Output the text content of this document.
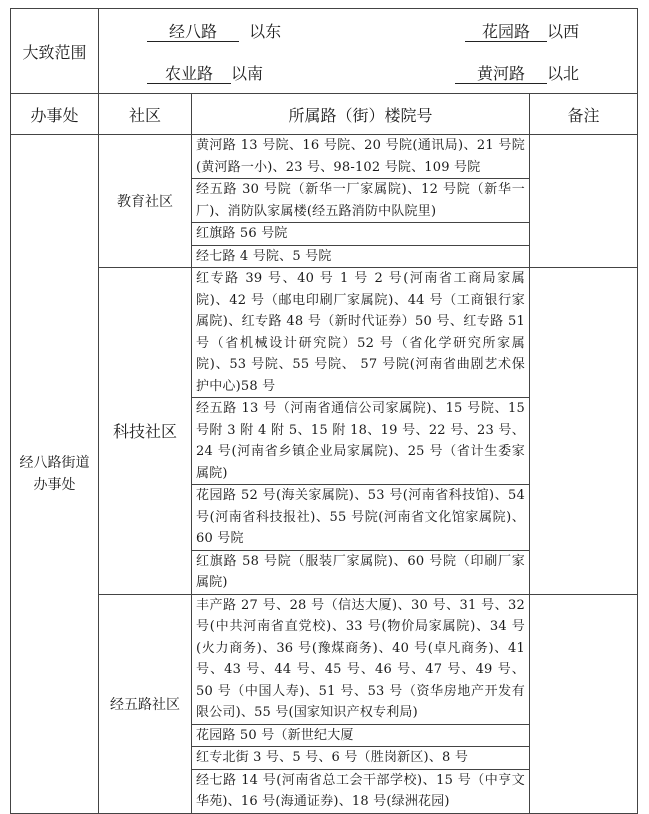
大致范围	经八路 以东 花园路 以西
农业路 以南 黄河路 以北		

办事处	社区	所属路（街）楼院号	备注
经八路街道办事处	教育社区	黄河路 13 号院、16 号院、20 号院(通讯局)、21 号院(黄河路一小)、23 号、98-102 号院、109 号院	
		经五路 30 号院（新华一厂家属院)、12 号院（新华一厂)、消防队家属楼(经五路消防中队院里)	
		红旗路 56 号院	
		经七路 4 号院、5 号院	
	科技社区	红专路 39 号、40 号 1 号 2 号(河南省工商局家属院)、42 号（邮电印刷厂家属院)、44 号（工商银行家属院)、红专路 48 号（新时代证券）50 号、红专路 51 号（省机械设计研究院）52 号（省化学研究所家属院)、53 号院、55 号院、 57 号院(河南省曲剧艺术保护中心)58 号	
		经五路 13 号（河南省通信公司家属院)、15 号院、15 号附 3 附 4 附 5、15 附 18、19 号、22 号、23 号、24 号(河南省乡镇企业局家属院)、25 号（省计生委家属院)	
		花园路 52 号(海关家属院)、53 号(河南省科技馆)、54 号(河南省科技报社)、55 号院(河南省文化馆家属院)、60 号院	
		红旗路 58 号院（服装厂家属院)、60 号院（印刷厂家属院)	
	经五路社区	丰产路 27 号、28 号（信达大厦)、30 号、31 号、32 号(中共河南省直党校)、33 号(物价局家属院)、34 号(火力商务)、36 号(豫煤商务)、40 号(卓凡商务)、41 号、43 号、44 号、45 号、46 号、47 号、49 号、50 号（中国人寿)、51 号、53 号（资华房地产开发有限公司)、55 号(国家知识产权专利局)	
		花园路 50 号（新世纪大厦	
		红专北街 3 号、5 号、6 号（胜岗新区)、8 号	
		经七路 14 号(河南省总工会干部学校)、15 号（中亨文华苑)、16 号(海通证券)、18 号(绿洲花园)	
